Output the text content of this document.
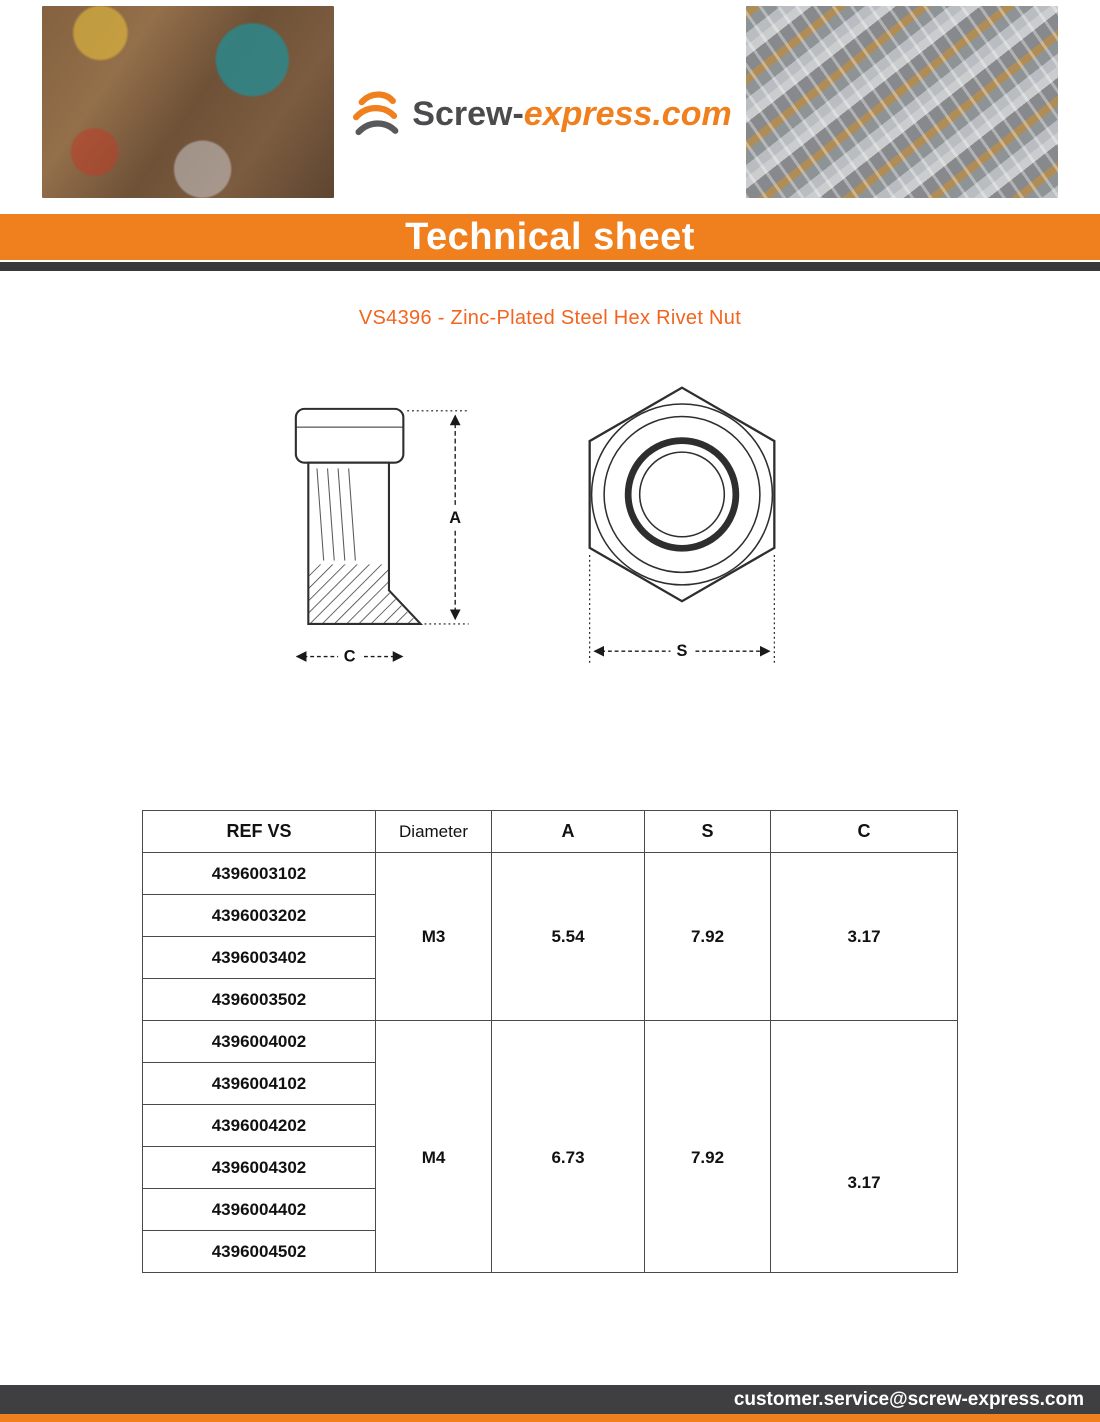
Screw-express.com
Technical sheet
VS4396 - Zinc-Plated Steel Hex Rivet Nut
A
C	S
REF VS	Diameter	A	S	C
4396003102	M3	5.54	7.92	3.17
4396003202				
4396003402				
4396003502				
4396004002	M4	6.73	7.92	3.17
4396004102				
4396004202				
4396004302				
4396004402				
4396004502				
customer.service@screw-express.com
